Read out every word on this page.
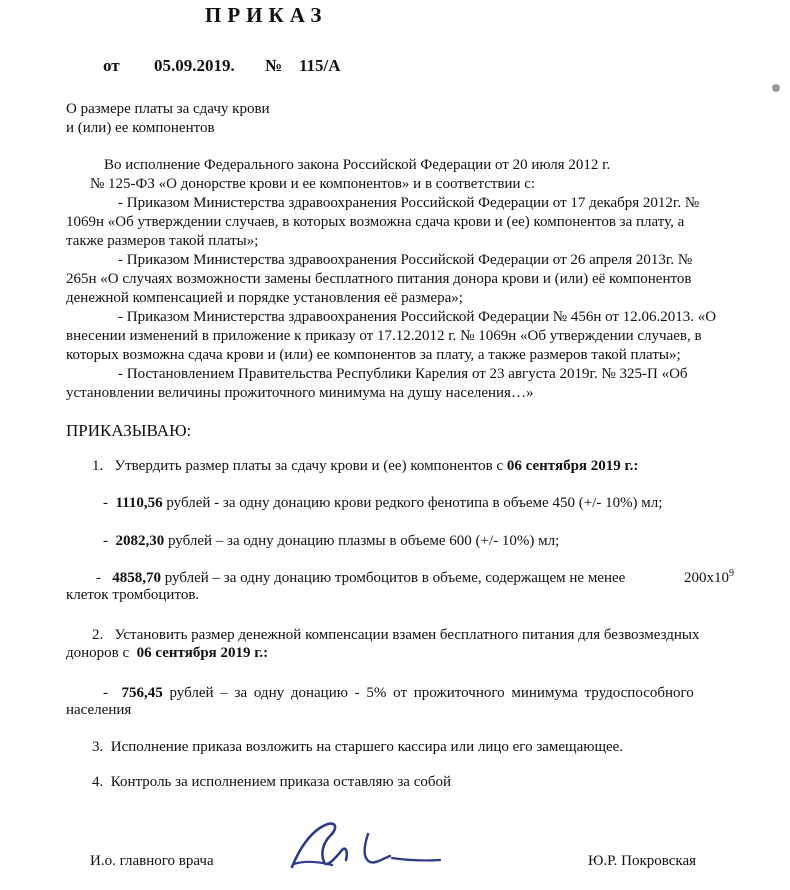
ПРИКАЗ
от 05.09.2019. № 115/А
О размере платы за сдачу крови
и (или) ее компонентов
Во исполнение Федерального закона Российской Федерации от 20 июля 2012 г.
№ 125-ФЗ «О донорстве крови и ее компонентов» и в соответствии с:
- Приказом Министерства здравоохранения Российской Федерации от 17 декабря 2012г. №
1069н «Об утверждении случаев, в которых возможна сдача крови и (ее) компонентов за плату, а
также размеров такой платы»;
- Приказом Министерства здравоохранения Российской Федерации от 26 апреля 2013г. №
265н «О случаях возможности замены бесплатного питания донора крови и (или) её компонентов
денежной компенсацией и порядке установления её размера»;
- Приказом Министерства здравоохранения Российской Федерации № 456н от 12.06.2013. «О
внесении изменений в приложение к приказу от 17.12.2012 г. № 1069н «Об утверждении случаев, в
которых возможна сдача крови и (или) ее компонентов за плату, а также размеров такой платы»;
- Постановлением Правительства Республики Карелия от 23 августа 2019г. № 325-П «Об
установлении величины прожиточного минимума на душу населения…»
ПРИКАЗЫВАЮ:
1. Утвердить размер платы за сдачу крови и (ее) компонентов с 06 сентября 2019 г.:
- 1110,56 рублей - за одну донацию крови редкого фенотипа в объеме 450 (+/- 10%) мл;
- 2082,30 рублей – за одну донацию плазмы в объеме 600 (+/- 10%) мл;
- 4858,70 рублей – за одну донацию тромбоцитов в объеме, содержащем не менее	$200х10^9$
клеток тромбоцитов.
2. Установить размер денежной компенсации взамен бесплатного питания для безвозмездных
доноров с 06 сентября 2019 г.:
- 756,45 рублей – за одну донацию - 5% от прожиточного минимума трудоспособного
населения
3. Исполнение приказа возложить на старшего кассира или лицо его замещающее.
4. Контроль за исполнением приказа оставляю за собой
И.о. главного врача	Ю.Р. Покровская
